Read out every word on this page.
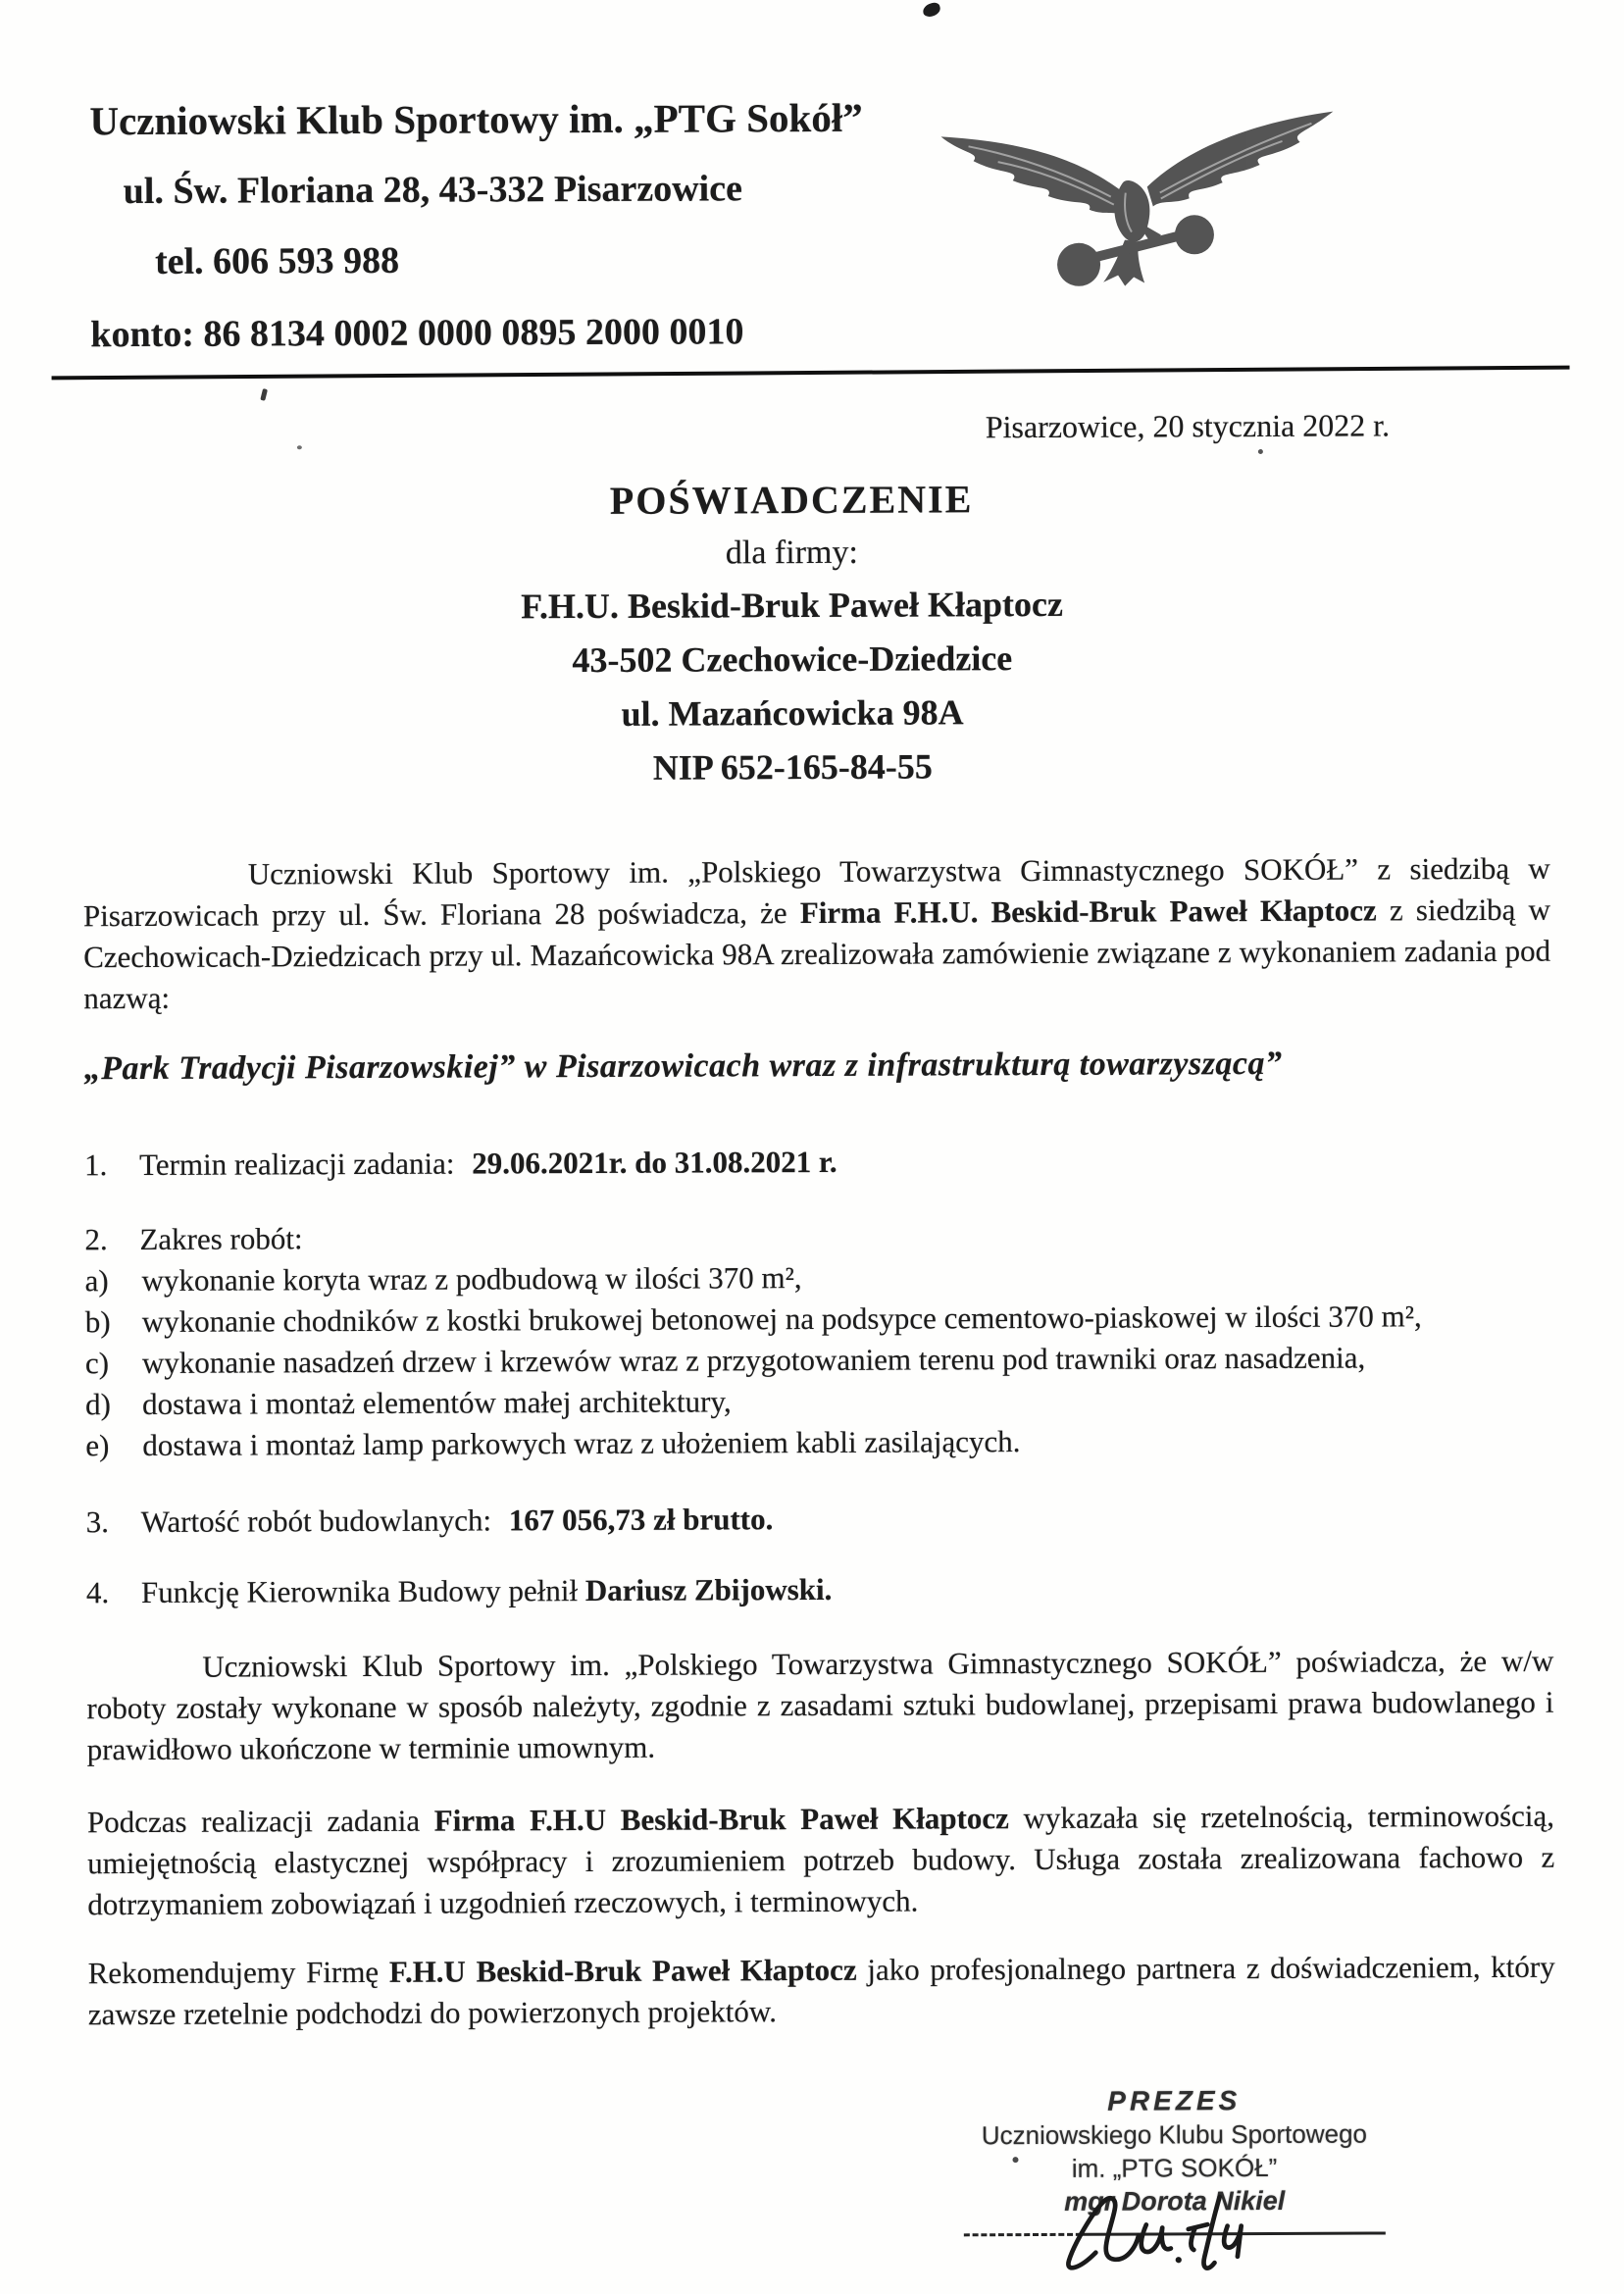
Uczniowski Klub Sportowy im. „PTG Sokół”
ul. Św. Floriana 28, 43-332 Pisarzowice
tel. 606 593 988
konto: 86 8134 0002 0000 0895 2000 0010
Pisarzowice, 20 stycznia 2022 r.
POŚWIADCZENIE
dla firmy:
F.H.U. Beskid-Bruk Paweł Kłaptocz
43-502 Czechowice-Dziedzice
ul. Mazańcowicka 98A
NIP 652-165-84-55

Uczniowski Klub Sportowy im. „Polskiego Towarzystwa Gimnastycznego SOKÓŁ” z siedzibą w Pisarzowicach przy ul. Św. Floriana 28 poświadcza, że Firma F.H.U. Beskid-Bruk Paweł Kłaptocz z siedzibą w Czechowicach-Dziedzicach przy ul. Mazańcowicka 98A zrealizowała zamówienie związane z wykonaniem zadania pod nazwą:

„Park Tradycji Pisarzowskiej” w Pisarzowicach wraz z infrastrukturą towarzyszącą”

1.	Termin realizacji zadania: 29.06.2021r. do 31.08.2021 r.
2.	Zakres robót:
a)	wykonanie koryta wraz z podbudową w ilości 370 m²,
b)	wykonanie chodników z kostki brukowej betonowej na podsypce cementowo-piaskowej w ilości 370 m²,
c)	wykonanie nasadzeń drzew i krzewów wraz z przygotowaniem terenu pod trawniki oraz nasadzenia,
d)	dostawa i montaż elementów małej architektury,
e)	dostawa i montaż lamp parkowych wraz z ułożeniem kabli zasilających.
3.	Wartość robót budowlanych: 167 056,73 zł brutto.
4.	Funkcję Kierownika Budowy pełnił Dariusz Zbijowski.

Uczniowski Klub Sportowy im. „Polskiego Towarzystwa Gimnastycznego SOKÓŁ” poświadcza, że w/w roboty zostały wykonane w sposób należyty, zgodnie z zasadami sztuki budowlanej, przepisami prawa budowlanego i prawidłowo ukończone w terminie umownym.

Podczas realizacji zadania Firma F.H.U Beskid-Bruk Paweł Kłaptocz wykazała się rzetelnością, terminowością, umiejętnością elastycznej współpracy i zrozumieniem potrzeb budowy. Usługa została zrealizowana fachowo z dotrzymaniem zobowiązań i uzgodnień rzeczowych, i terminowych.

Rekomendujemy Firmę F.H.U Beskid-Bruk Paweł Kłaptocz jako profesjonalnego partnera z doświadczeniem, który zawsze rzetelnie podchodzi do powierzonych projektów.

PREZES
Uczniowskiego Klubu Sportowego
im. „PTG SOKÓŁ”
mgr Dorota Nikiel
